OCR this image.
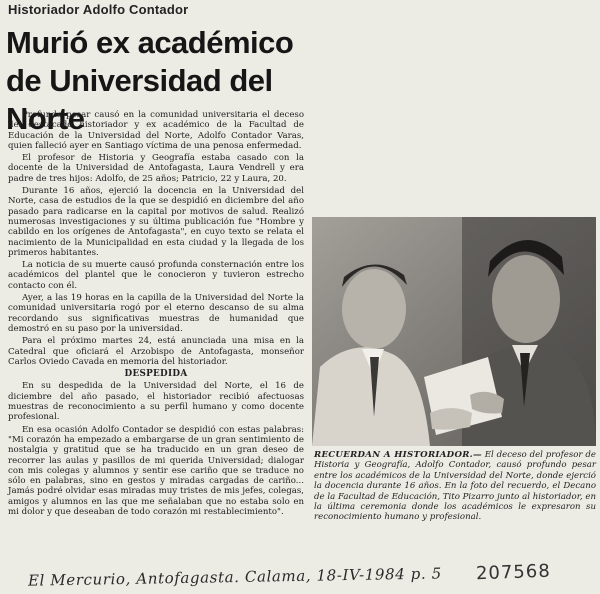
Historiador Adolfo Contador
Murió ex académico de Universidad del Norte

Profundo pesar causó en la comunidad universitaria el deceso del destacado historiador y ex académico de la Facultad de Educación de la Universidad del Norte, Adolfo Contador Varas, quien falleció ayer en Santiago víctima de una penosa enfermedad.

El profesor de Historia y Geografía estaba casado con la docente de la Universidad de Antofagasta, Laura Vendrell y era padre de tres hijos: Adolfo, de 25 años; Patricio, 22 y Laura, 20.

Durante 16 años, ejerció la docencia en la Universidad del Norte, casa de estudios de la que se despidió en diciembre del año pasado para radicarse en la capital por motivos de salud. Realizó numerosas investigaciones y su última publicación fue "Hombre y cabildo en los orígenes de Antofagasta", en cuyo texto se relata el nacimiento de la Municipalidad en esta ciudad y la llegada de los primeros habitantes.

La noticia de su muerte causó profunda consternación entre los académicos del plantel que le conocieron y tuvieron estrecho contacto con él.

Ayer, a las 19 horas en la capilla de la Universidad del Norte la comunidad universitaria rogó por el eterno descanso de su alma recordando sus significativas muestras de humanidad que demostró en su paso por la universidad.

Para el próximo martes 24, está anunciada una misa en la Catedral que oficiará el Arzobispo de Antofagasta, monseñor Carlos Oviedo Cavada en memoria del historiador.

DESPEDIDA

En su despedida de la Universidad del Norte, el 16 de diciembre del año pasado, el historiador recibió afectuosas muestras de reconocimiento a su perfil humano y como docente profesional.

En esa ocasión Adolfo Contador se despidió con estas palabras: "Mi corazón ha empezado a embargarse de un gran sentimiento de nostalgia y gratitud que se ha traducido en un gran deseo de recorrer las aulas y pasillos de mi querida Universidad; dialogar con mis colegas y alumnos y sentir ese cariño que se traduce no sólo en palabras, sino en gestos y miradas cargadas de cariño... Jamás podré olvidar esas miradas muy tristes de mis jefes, colegas, amigos y alumnos en las que me señalaban que no estaba solo en mi dolor y que deseaban de todo corazón mi restablecimiento".

RECUERDAN A HISTORIADOR.— El deceso del profesor de Historia y Geografía, Adolfo Contador, causó profundo pesar entre los académicos de la Universidad del Norte, donde ejerció la docencia durante 16 años. En la foto del recuerdo, el Decano de la Facultad de Educación, Tito Pizarro junto al historiador, en la última ceremonia donde los académicos le expresaron su reconocimiento humano y profesional.
El Mercurio, Antofagasta. Calama, 18-IV-1984 p. 5	207568
